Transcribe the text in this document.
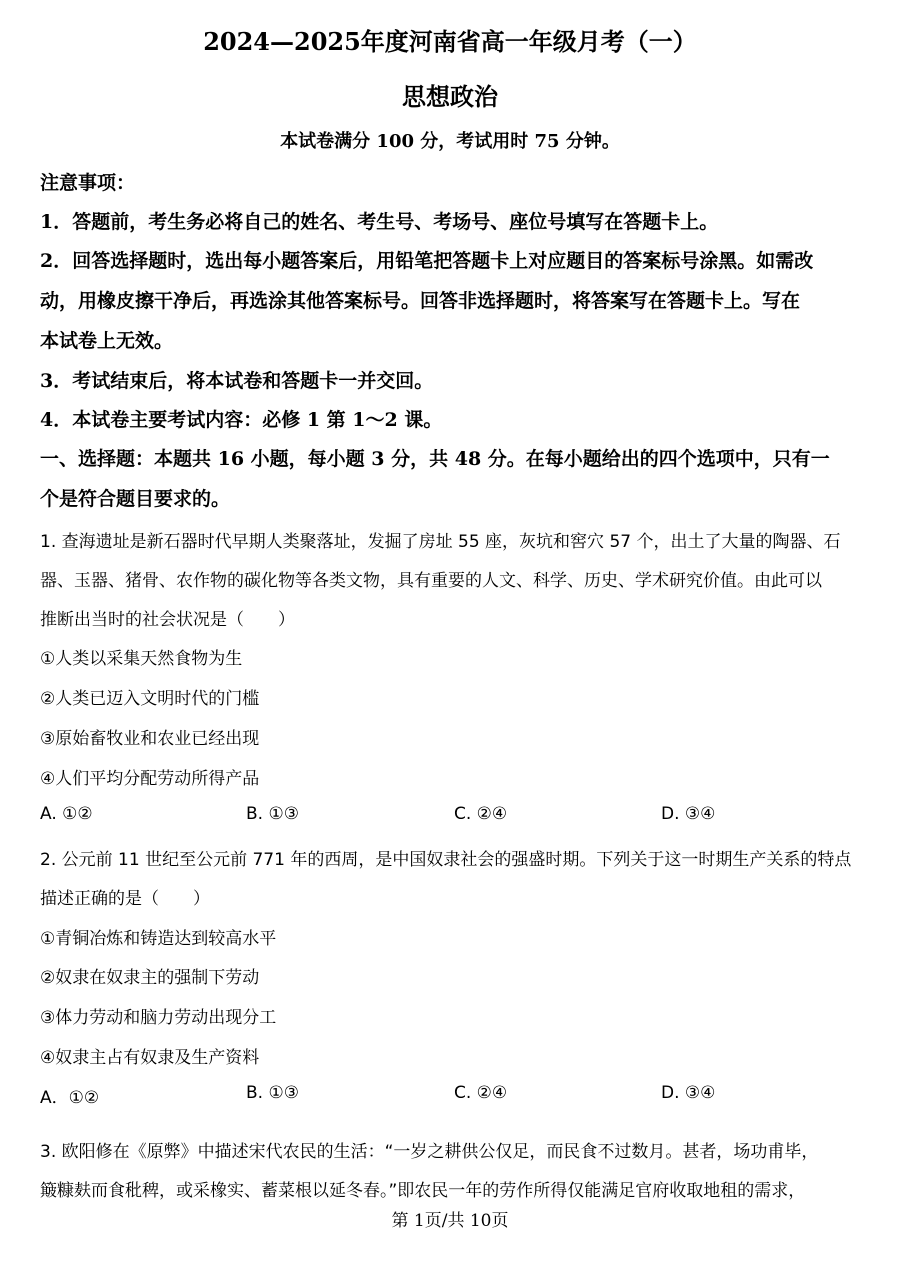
2024—2025年度河南省高一年级月考（一）
思想政治
本试卷满分 100 分，考试用时 75 分钟。
注意事项：
1．答题前，考生务必将自己的姓名、考生号、考场号、座位号填写在答题卡上。
2．回答选择题时，选出每小题答案后，用铅笔把答题卡上对应题目的答案标号涂黑。如需改
动，用橡皮擦干净后，再选涂其他答案标号。回答非选择题时，将答案写在答题卡上。写在
本试卷上无效。
3．考试结束后，将本试卷和答题卡一并交回。
4．本试卷主要考试内容：必修 1 第 1～2 课。
一、选择题：本题共 16 小题，每小题 3 分，共 48 分。在每小题给出的四个选项中，只有一
个是符合题目要求的。
1. 查海遗址是新石器时代早期人类聚落址，发掘了房址 55 座，灰坑和窖穴 57 个，出土了大量的陶器、石
器、玉器、猪骨、农作物的碳化物等各类文物，具有重要的人文、科学、历史、学术研究价值。由此可以
推断出当时的社会状况是（　　）
①人类以采集天然食物为生
②人类已迈入文明时代的门槛
③原始畜牧业和农业已经出现
④人们平均分配劳动所得产品
A. ①②	B. ①③	C. ②④	D. ③④
2. 公元前 11 世纪至公元前 771 年的西周，是中国奴隶社会的强盛时期。下列关于这一时期生产关系的特点
描述正确的是（　　）
①青铜冶炼和铸造达到较高水平
②奴隶在奴隶主的强制下劳动
③体力劳动和脑力劳动出现分工
④奴隶主占有奴隶及生产资料
A．①②	B. ①③	C. ②④	D. ③④
3. 欧阳修在《原弊》中描述宋代农民的生活：“一岁之耕供公仅足，而民食不过数月。甚者，场功甫毕，
簸糠麸而食秕稗，或采橡实、蓄菜根以延冬春。”即农民一年的劳作所得仅能满足官府收取地租的需求，
第 1页/共 10页
